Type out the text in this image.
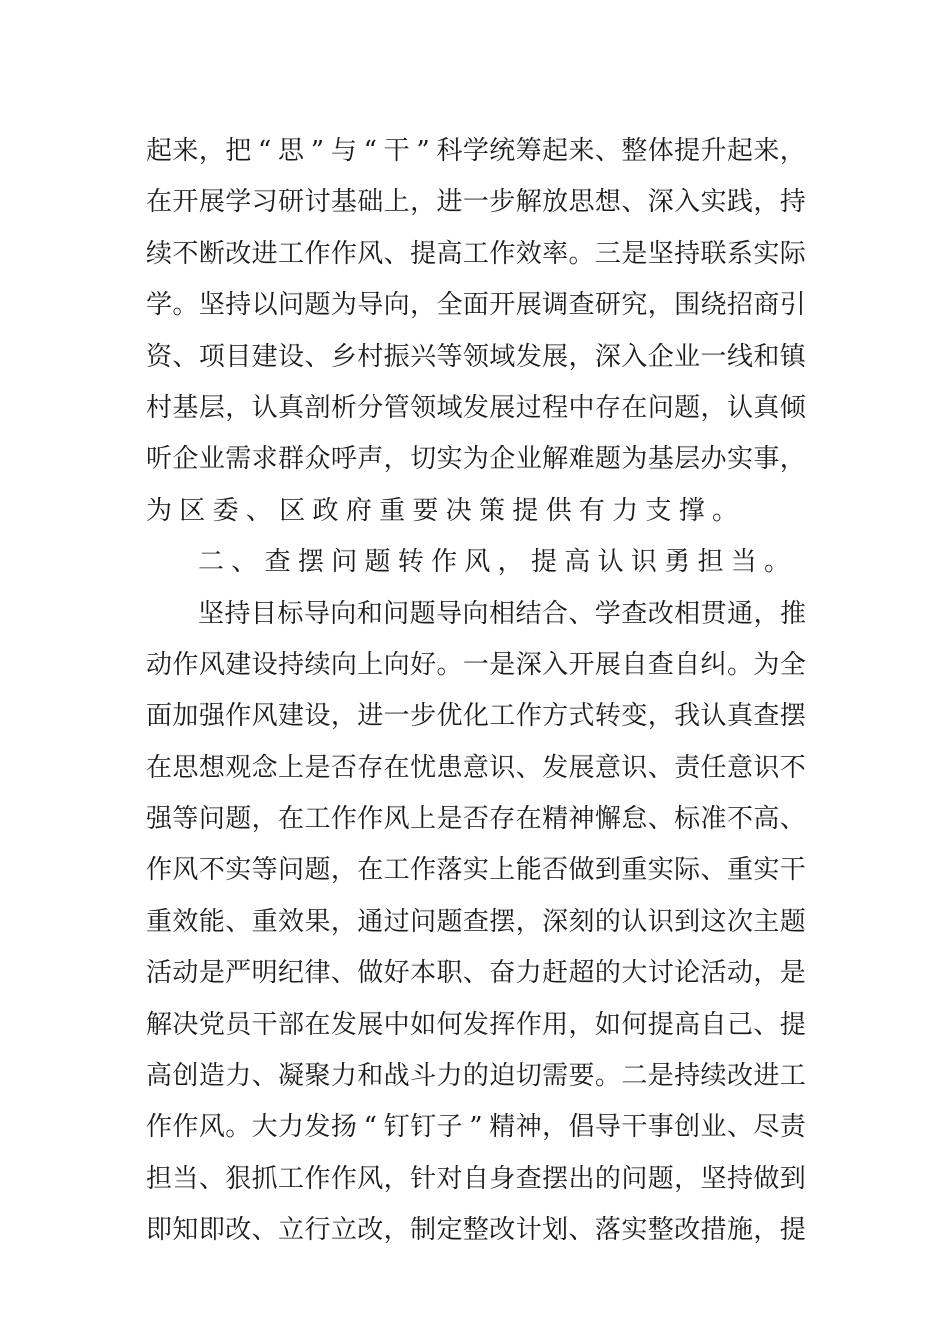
起 来 ， 把 “ 思 ” 与 “ 干 ” 科 学 统 筹 起 来 、 整 体 提 升 起 来 ，
在 开 展 学 习 研 讨 基 础 上 ， 进 一 步 解 放 思 想 、 深 入 实 践 ， 持
续 不 断 改 进 工 作 作 风 、 提 高 工 作 效 率 。 三 是 坚 持 联 系 实 际
学 。 坚 持 以 问 题 为 导 向 ， 全 面 开 展 调 查 研 究 ， 围 绕 招 商 引
资 、 项 目 建 设 、 乡 村 振 兴 等 领 域 发 展 ， 深 入 企 业 一 线 和 镇
村 基 层 ， 认 真 剖 析 分 管 领 域 发 展 过 程 中 存 在 问 题 ， 认 真 倾
听 企 业 需 求 群 众 呼 声 ， 切 实 为 企 业 解 难 题 为 基 层 办 实 事 ，
为 区 委 、 区 政 府 重 要 决 策 提 供 有 力 支 撑 。
二 、 查 摆 问 题 转 作 风 ， 提 高 认 识 勇 担 当 。
坚 持 目 标 导 向 和 问 题 导 向 相 结 合 、 学 查 改 相 贯 通 ， 推
动 作 风 建 设 持 续 向 上 向 好 。 一 是 深 入 开 展 自 查 自 纠 。 为 全
面 加 强 作 风 建 设 ， 进 一 步 优 化 工 作 方 式 转 变 ， 我 认 真 查 摆
在 思 想 观 念 上 是 否 存 在 忧 患 意 识 、 发 展 意 识 、 责 任 意 识 不
强 等 问 题 ， 在 工 作 作 风 上 是 否 存 在 精 神 懈 怠 、 标 准 不 高 、
作 风 不 实 等 问 题 ， 在 工 作 落 实 上 能 否 做 到 重 实 际 、 重 实 干
重 效 能 、 重 效 果 ， 通 过 问 题 查 摆 ， 深 刻 的 认 识 到 这 次 主 题
活 动 是 严 明 纪 律 、 做 好 本 职 、 奋 力 赶 超 的 大 讨 论 活 动 ， 是
解 决 党 员 干 部 在 发 展 中 如 何 发 挥 作 用 ， 如 何 提 高 自 己 、 提
高 创 造 力 、 凝 聚 力 和 战 斗 力 的 迫 切 需 要 。 二 是 持 续 改 进 工
作 作 风 。 大 力 发 扬 “ 钉 钉 子 ” 精 神 ， 倡 导 干 事 创 业 、 尽 责
担 当 、 狠 抓 工 作 作 风 ， 针 对 自 身 查 摆 出 的 问 题 ， 坚 持 做 到
即 知 即 改 、 立 行 立 改 ， 制 定 整 改 计 划 、 落 实 整 改 措 施 ， 提
